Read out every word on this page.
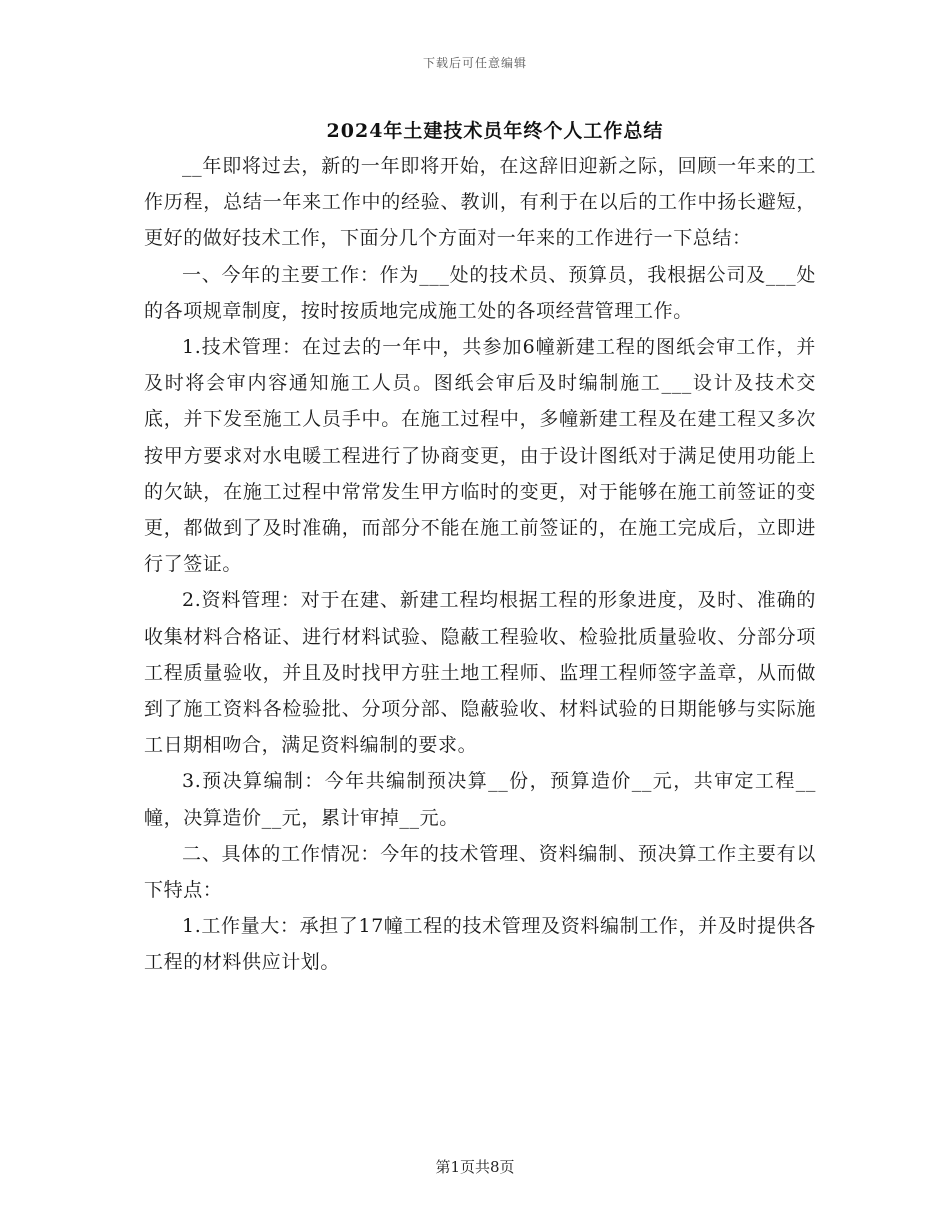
下载后可任意编辑
2024年土建技术员年终个人工作总结

__年即将过去，新的一年即将开始，在这辞旧迎新之际，回顾一年来的工作历程，总结一年来工作中的经验、教训，有利于在以后的工作中扬长避短，更好的做好技术工作，下面分几个方面对一年来的工作进行一下总结：

一、今年的主要工作：作为___处的技术员、预算员，我根据公司及___处的各项规章制度，按时按质地完成施工处的各项经营管理工作。

1.技术管理：在过去的一年中，共参加6幢新建工程的图纸会审工作，并及时将会审内容通知施工人员。图纸会审后及时编制施工___设计及技术交底，并下发至施工人员手中。在施工过程中，多幢新建工程及在建工程又多次按甲方要求对水电暖工程进行了协商变更，由于设计图纸对于满足使用功能上的欠缺，在施工过程中常常发生甲方临时的变更，对于能够在施工前签证的变更，都做到了及时准确，而部分不能在施工前签证的，在施工完成后，立即进行了签证。

2.资料管理：对于在建、新建工程均根据工程的形象进度，及时、准确的收集材料合格证、进行材料试验、隐蔽工程验收、检验批质量验收、分部分项工程质量验收，并且及时找甲方驻土地工程师、监理工程师签字盖章，从而做到了施工资料各检验批、分项分部、隐蔽验收、材料试验的日期能够与实际施工日期相吻合，满足资料编制的要求。

3.预决算编制：今年共编制预决算__份，预算造价__元，共审定工程__幢，决算造价__元，累计审掉__元。

二、具体的工作情况：今年的技术管理、资料编制、预决算工作主要有以下特点：

1.工作量大：承担了17幢工程的技术管理及资料编制工作，并及时提供各工程的材料供应计划。

第1页共8页
